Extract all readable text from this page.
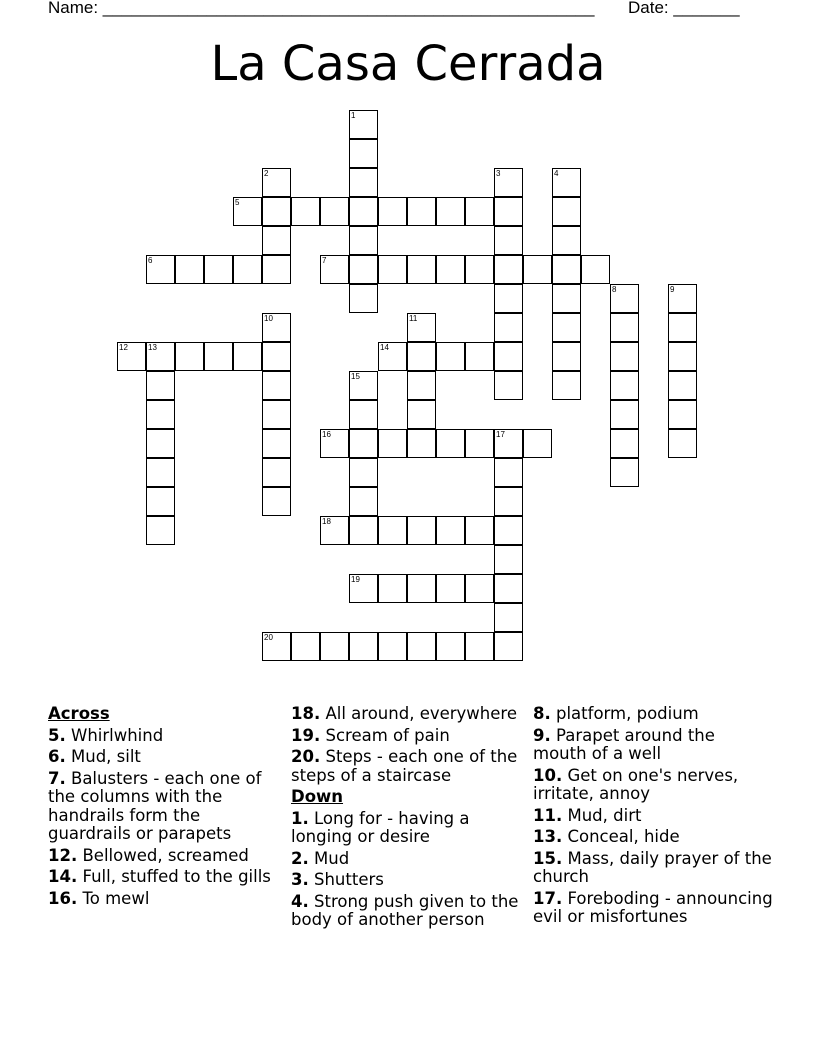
Name: ____________________________________________________ Date: _______
La Casa Cerrada
1
2	3	4
5
6	7
8	9
10	11
12	13	14
15
16	17
18
19
20
Across
5. Whirlwhind
6. Mud, silt
7. Balusters - each one of the columns with the handrails form the guardrails or parapets
12. Bellowed, screamed
14. Full, stuffed to the gills
16. To mewl
18. All around, everywhere
19. Scream of pain
20. Steps - each one of the steps of a staircase
Down
1. Long for - having a longing or desire
2. Mud
3. Shutters
4. Strong push given to the body of another person
8. platform, podium
9. Parapet around the mouth of a well
10. Get on one's nerves, irritate, annoy
11. Mud, dirt
13. Conceal, hide
15. Mass, daily prayer of the church
17. Foreboding - announcing evil or misfortunes
